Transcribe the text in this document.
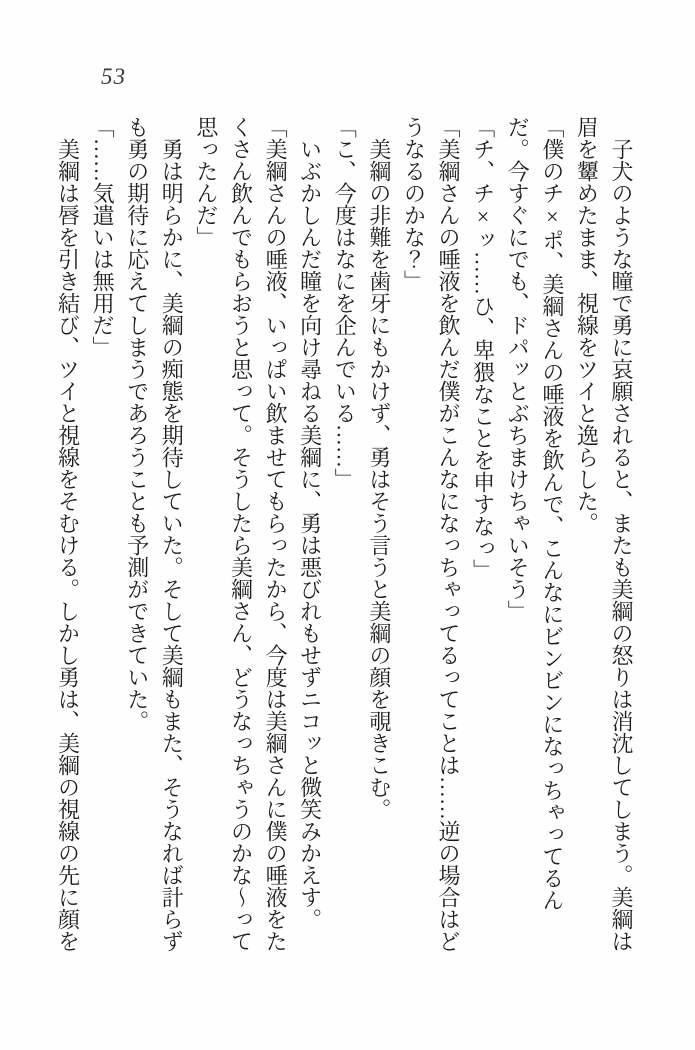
53

子犬のような瞳で勇に哀願されると、またも美綱の怒りは消沈してしまう。美綱は眉を顰めたまま、視線をツイと逸らした。

「僕のチ×ポ、美綱さんの唾液を飲んで、こんなにビンビンになっちゃってるんだ。今すぐにでも、ドパッとぶちまけちゃいそう」

「チ、チ×ッ……ひ、卑猥なことを申すなっ」

「美綱さんの唾液を飲んだ僕がこんなになっちゃってるってことは……逆の場合はどうなるのかな？」

美綱の非難を歯牙にもかけず、勇はそう言うと美綱の顔を覗きこむ。

「こ、今度はなにを企んでいる……」

いぶかしんだ瞳を向け尋ねる美綱に、勇は悪びれもせずニコッと微笑みかえす。

「美綱さんの唾液、いっぱい飲ませてもらったから、今度は美綱さんに僕の唾液をたくさん飲んでもらおうと思って。そうしたら美綱さん、どうなっちゃうのかな～って思ったんだ」

勇は明らかに、美綱の痴態を期待していた。そして美綱もまた、そうなれば計らずも勇の期待に応えてしまうであろうことも予測ができていた。

「……気遣いは無用だ」

美綱は唇を引き結び、ツイと視線をそむける。しかし勇は、美綱の視線の先に顔を
